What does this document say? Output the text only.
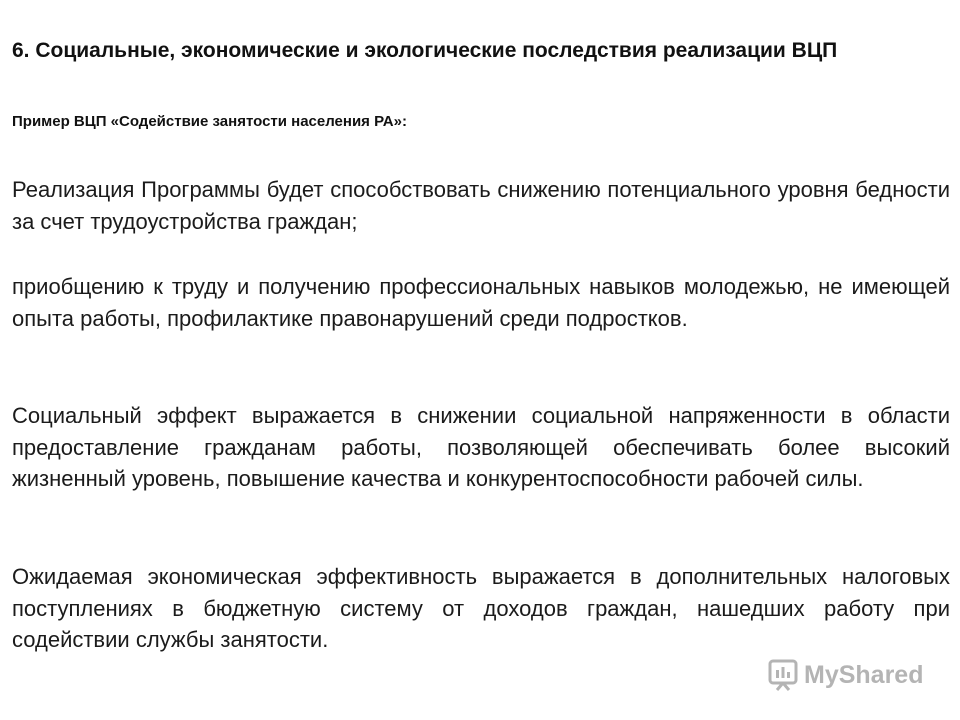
6. Социальные, экономические и экологические последствия реализации ВЦП
Пример ВЦП «Содействие занятости населения РА»:

Реализация Программы будет способствовать снижению потенциального уровня бедности за счет трудоустройства граждан;

приобщению к труду и получению профессиональных навыков молодежью, не имеющей опыта работы, профилактике правонарушений среди подростков.

Социальный эффект выражается в снижении социальной напряженности в области предоставление гражданам работы, позволяющей обеспечивать более высокий жизненный уровень, повышение качества и конкурентоспособности рабочей силы.

Ожидаемая экономическая эффективность выражается в дополнительных налоговых поступлениях в бюджетную систему от доходов граждан, нашедших работу при содействии службы занятости.

MyShared
